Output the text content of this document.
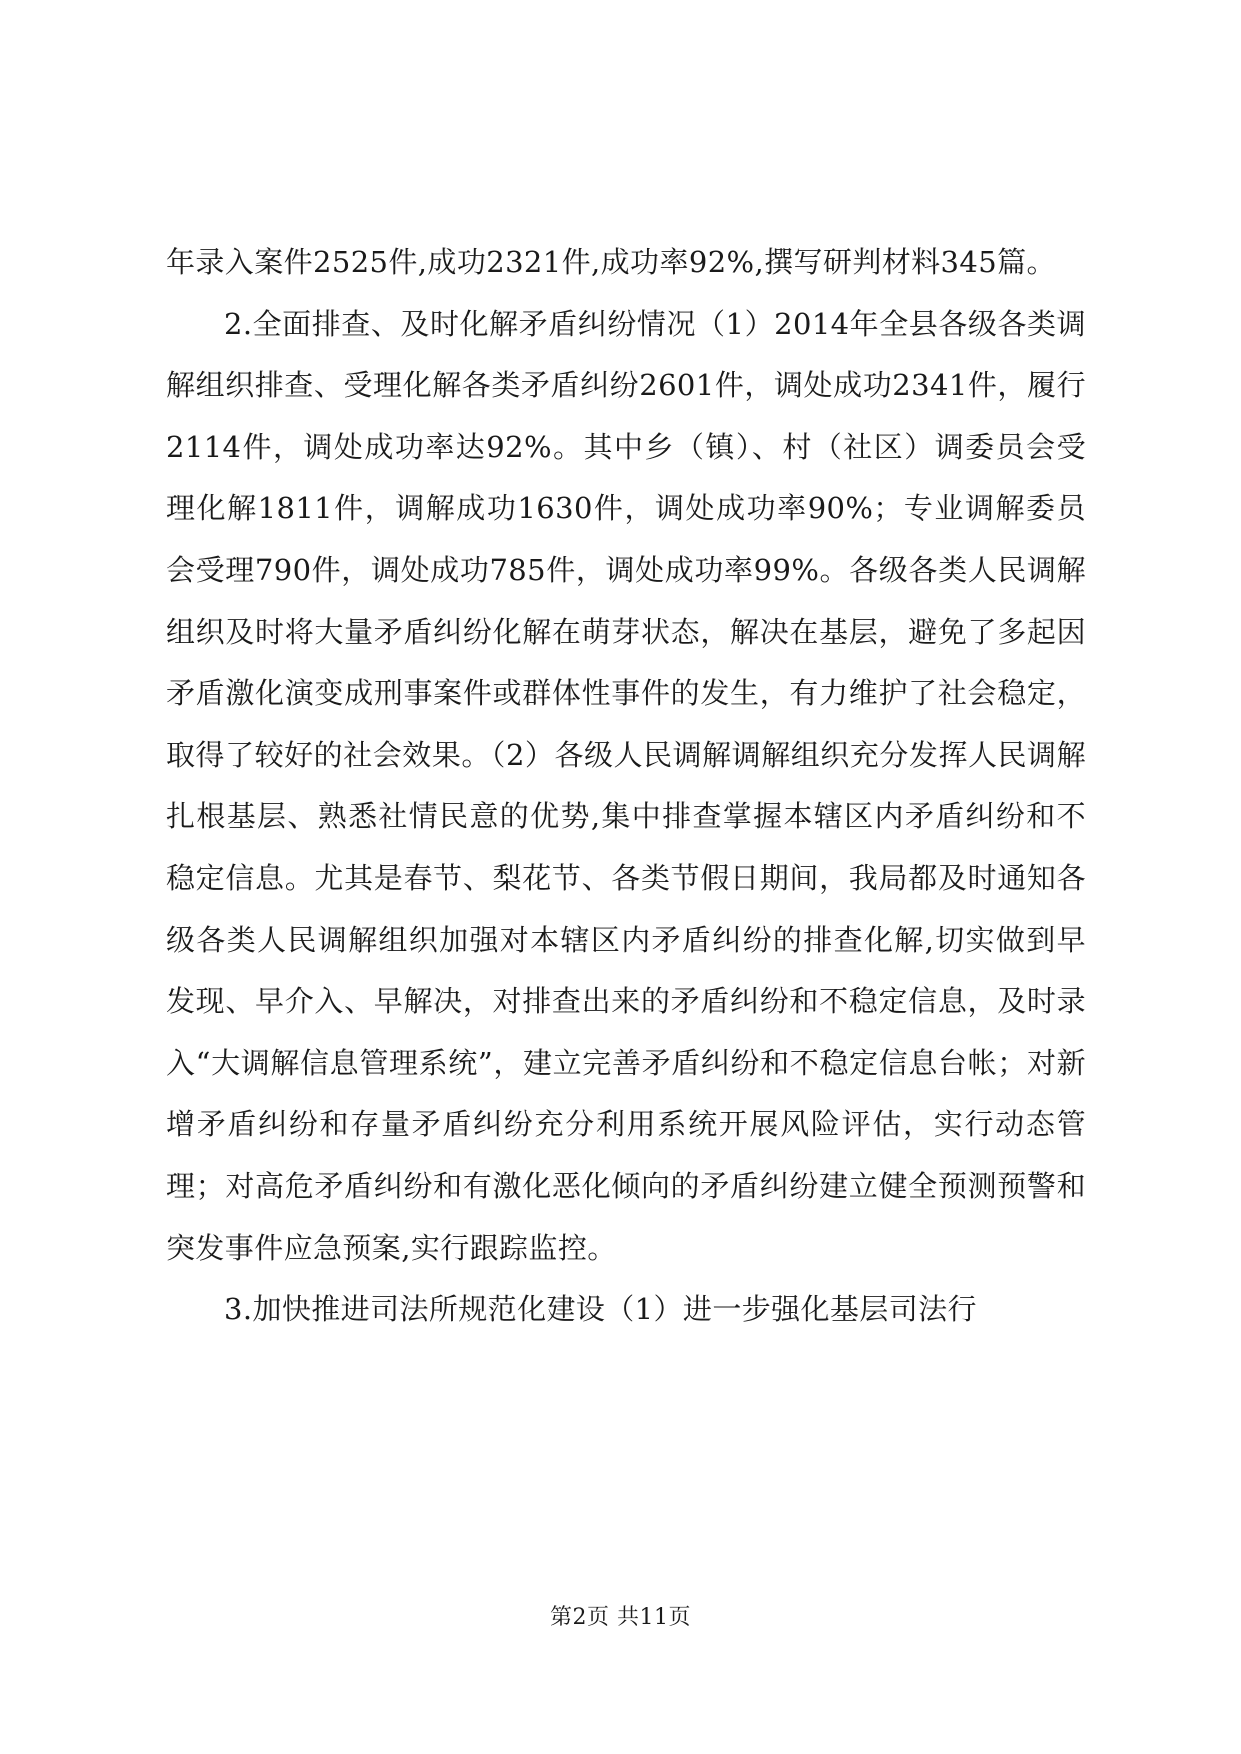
年录入案件2525件,成功2321件,成功率92%,撰写研判材料345篇。

2.全面排查、及时化解矛盾纠纷情况（1）2014年全县各级各类调解组织排查、受理化解各类矛盾纠纷2601件，调处成功2341件，履行2114件，调处成功率达92%。其中乡（镇）、村（社区）调委员会受理化解1811件，调解成功1630件，调处成功率90%；专业调解委员会受理790件，调处成功785件，调处成功率99%。各级各类人民调解组织及时将大量矛盾纠纷化解在萌芽状态，解决在基层，避免了多起因矛盾激化演变成刑事案件或群体性事件的发生，有力维护了社会稳定，取得了较好的社会效果。（2）各级人民调解调解组织充分发挥人民调解扎根基层、熟悉社情民意的优势,集中排查掌握本辖区内矛盾纠纷和不稳定信息。尤其是春节、梨花节、各类节假日期间，我局都及时通知各级各类人民调解组织加强对本辖区内矛盾纠纷的排查化解,切实做到早发现、早介入、早解决，对排查出来的矛盾纠纷和不稳定信息，及时录入“大调解信息管理系统”，建立完善矛盾纠纷和不稳定信息台帐；对新增矛盾纠纷和存量矛盾纠纷充分利用系统开展风险评估，实行动态管理；对高危矛盾纠纷和有激化恶化倾向的矛盾纠纷建立健全预测预警和突发事件应急预案,实行跟踪监控。

3.加快推进司法所规范化建设（1）进一步强化基层司法行

第2页 共11页
